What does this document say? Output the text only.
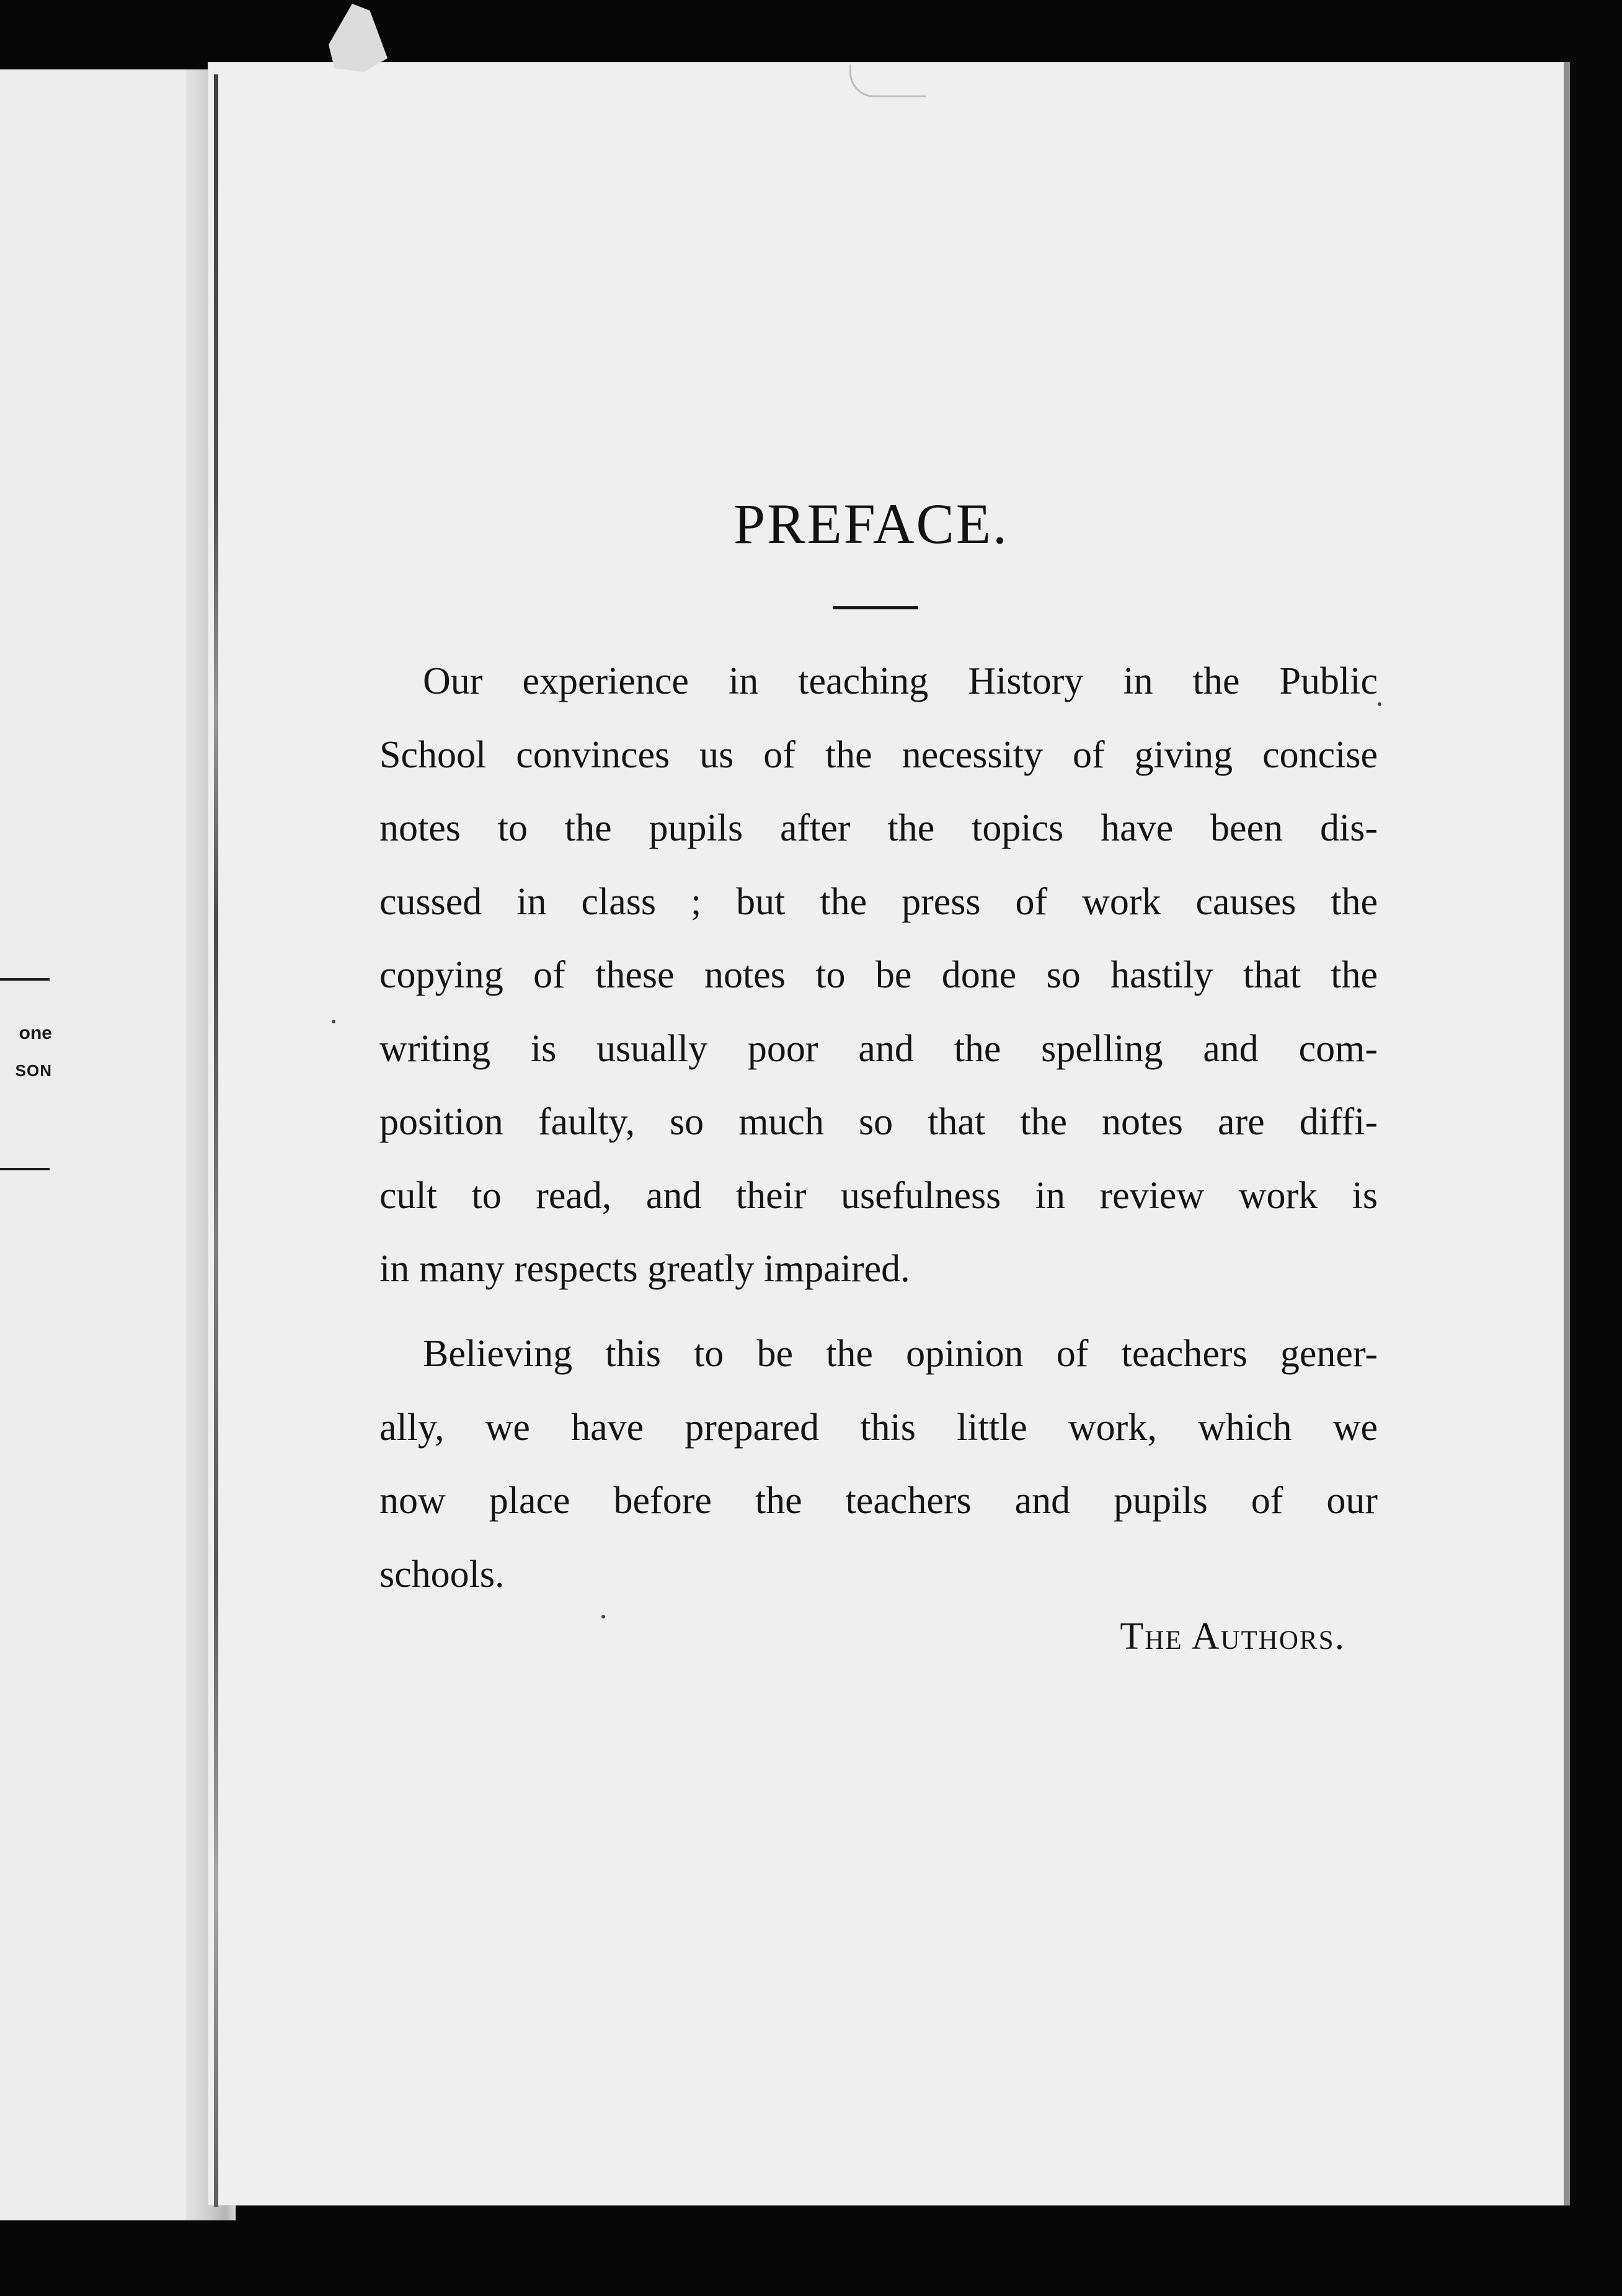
one
SON
PREFACE.
Our experience in teaching History in the Public
School convinces us of the necessity of giving concise
notes to the pupils after the topics have been dis-
cussed in class ; but the press of work causes the
copying of these notes to be done so hastily that the
writing is usually poor and the spelling and com-
position faulty, so much so that the notes are diffi-
cult to read, and their usefulness in review work is
in many respects greatly impaired.
Believing this to be the opinion of teachers gener-
ally, we have prepared this little work, which we
now place before the teachers and pupils of our
schools.
The Authors.
